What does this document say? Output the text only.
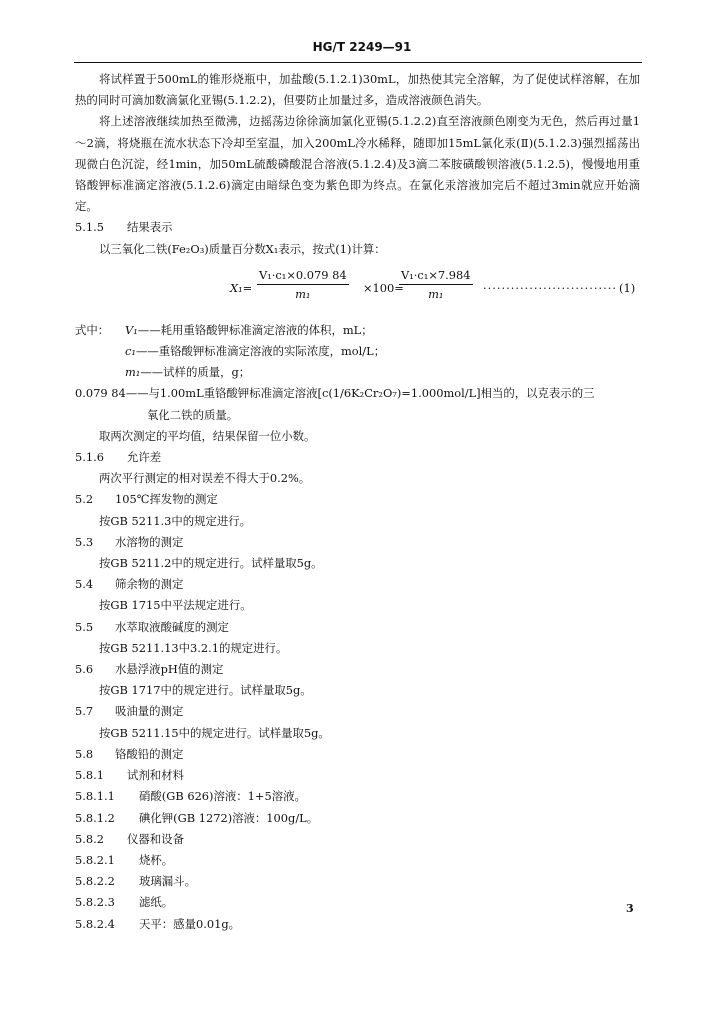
HG/T 2249—91

将试样置于500mL的锥形烧瓶中，加盐酸(5.1.2.1)30mL，加热使其完全溶解，为了促使试样溶解，在加热的同时可滴加数滴氯化亚锡(5.1.2.2)，但要防止加量过多，造成溶液颜色消失。

将上述溶液继续加热至微沸，边摇荡边徐徐滴加氯化亚锡(5.1.2.2)直至溶液颜色刚变为无色，然后再过量1～2滴，将烧瓶在流水状态下冷却至室温，加入200mL冷水稀释，随即加15mL氯化汞(Ⅱ)(5.1.2.3)强烈摇荡出现微白色沉淀，经1min，加50mL硫酸磷酸混合溶液(5.1.2.4)及3滴二苯胺磺酸钡溶液(5.1.2.5)，慢慢地用重铬酸钾标准滴定溶液(5.1.2.6)滴定由暗绿色变为紫色即为终点。在氯化汞溶液加完后不超过3min就应开始滴定。

5.1.5 结果表示

以三氧化二铁(Fe₂O₃)质量百分数X₁表示，按式(1)计算：

$X_1= \frac{\text{V₁·c₁×0.079 84}}{\text{m₁}} \times 100=$
$\frac{\text{V₁·c₁×7.984}}{\text{m₁}}$ ····························· (1)

式中： V₁——耗用重铬酸钾标准滴定溶液的体积，mL；

c₁——重铬酸钾标准滴定溶液的实际浓度，mol/L；

m₁——试样的质量，g；

0.079 84——与1.00mL重铬酸钾标准滴定溶液[c(1/6K₂Cr₂O₇)=1.000mol/L]相当的，以克表示的三

氧化二铁的质量。

取两次测定的平均值，结果保留一位小数。

5.1.6 允许差

两次平行测定的相对误差不得大于0.2%。

5.2 105℃挥发物的测定

按GB 5211.3中的规定进行。

5.3 水溶物的测定

按GB 5211.2中的规定进行。试样量取5g。

5.4 筛余物的测定

按GB 1715中平法规定进行。

5.5 水萃取液酸碱度的测定

按GB 5211.13中3.2.1的规定进行。

5.6 水悬浮液pH值的测定

按GB 1717中的规定进行。试样量取5g。

5.7 吸油量的测定

按GB 5211.15中的规定进行。试样量取5g。

5.8 铬酸铅的测定

5.8.1 试剂和材料

5.8.1.1 硝酸(GB 626)溶液：1+5溶液。

5.8.1.2 碘化钾(GB 1272)溶液：100g/L。

5.8.2 仪器和设备

5.8.2.1 烧杯。

5.8.2.2 玻璃漏斗。

5.8.2.3 滤纸。

5.8.2.4 天平：感量0.01g。

3
